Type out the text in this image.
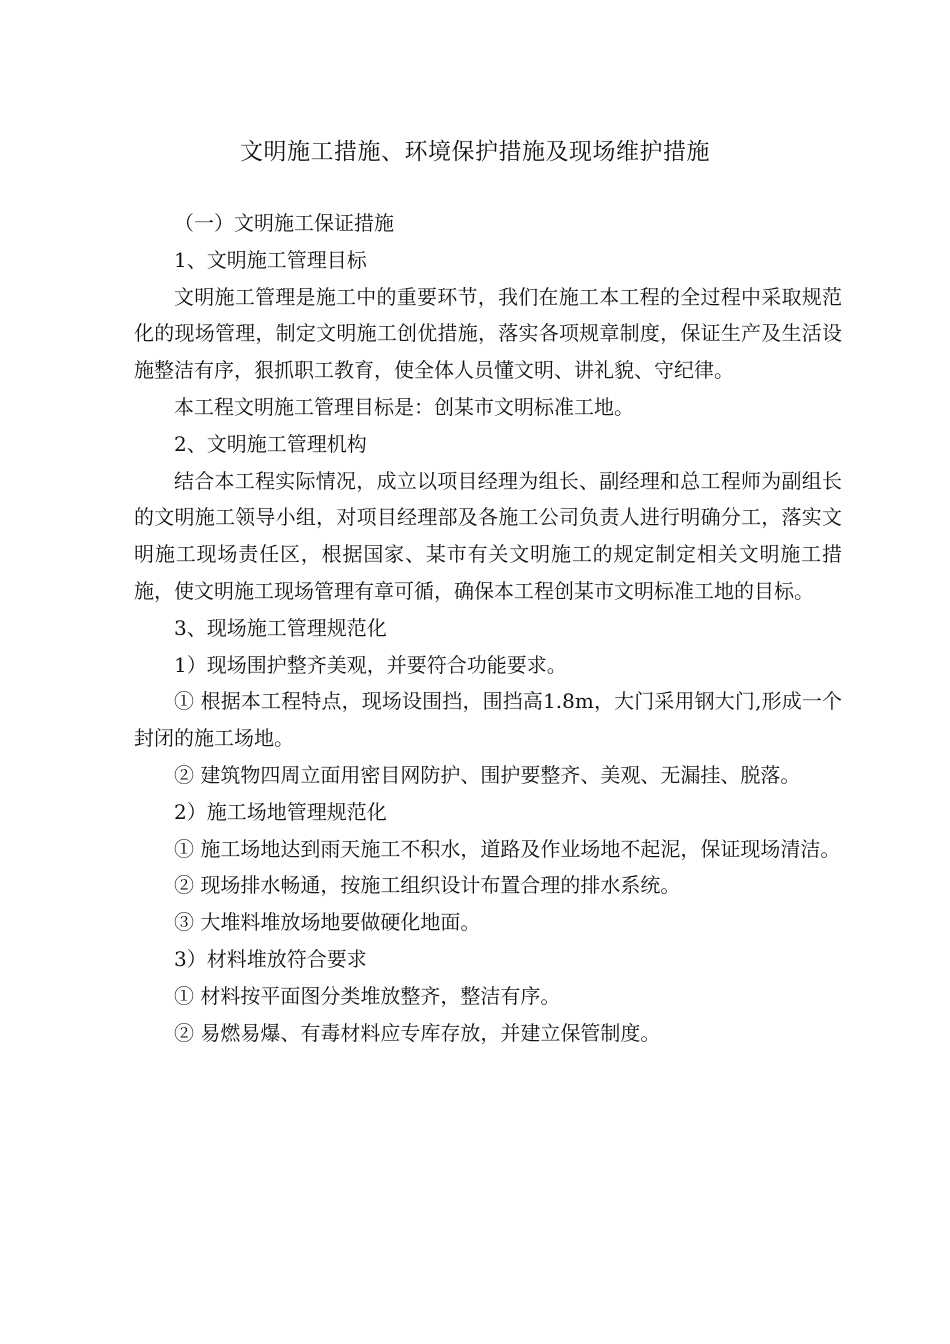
文明施工措施、环境保护措施及现场维护措施

（一）文明施工保证措施

1、文明施工管理目标

文明施工管理是施工中的重要环节，我们在施工本工程的全过程中采取规范化的现场管理，制定文明施工创优措施，落实各项规章制度，保证生产及生活设施整洁有序，狠抓职工教育，使全体人员懂文明、讲礼貌、守纪律。

本工程文明施工管理目标是：创某市文明标准工地。

2、文明施工管理机构

结合本工程实际情况，成立以项目经理为组长、副经理和总工程师为副组长的文明施工领导小组，对项目经理部及各施工公司负责人进行明确分工，落实文明施工现场责任区，根据国家、某市有关文明施工的规定制定相关文明施工措施，使文明施工现场管理有章可循，确保本工程创某市文明标准工地的目标。

3、现场施工管理规范化

1）现场围护整齐美观，并要符合功能要求。

① 根据本工程特点，现场设围挡，围挡高1.8m，大门采用钢大门,形成一个封闭的施工场地。

② 建筑物四周立面用密目网防护、围护要整齐、美观、无漏挂、脱落。

2）施工场地管理规范化

① 施工场地达到雨天施工不积水，道路及作业场地不起泥，保证现场清洁。

② 现场排水畅通，按施工组织设计布置合理的排水系统。

③ 大堆料堆放场地要做硬化地面。

3）材料堆放符合要求

① 材料按平面图分类堆放整齐，整洁有序。

② 易燃易爆、有毒材料应专库存放，并建立保管制度。
